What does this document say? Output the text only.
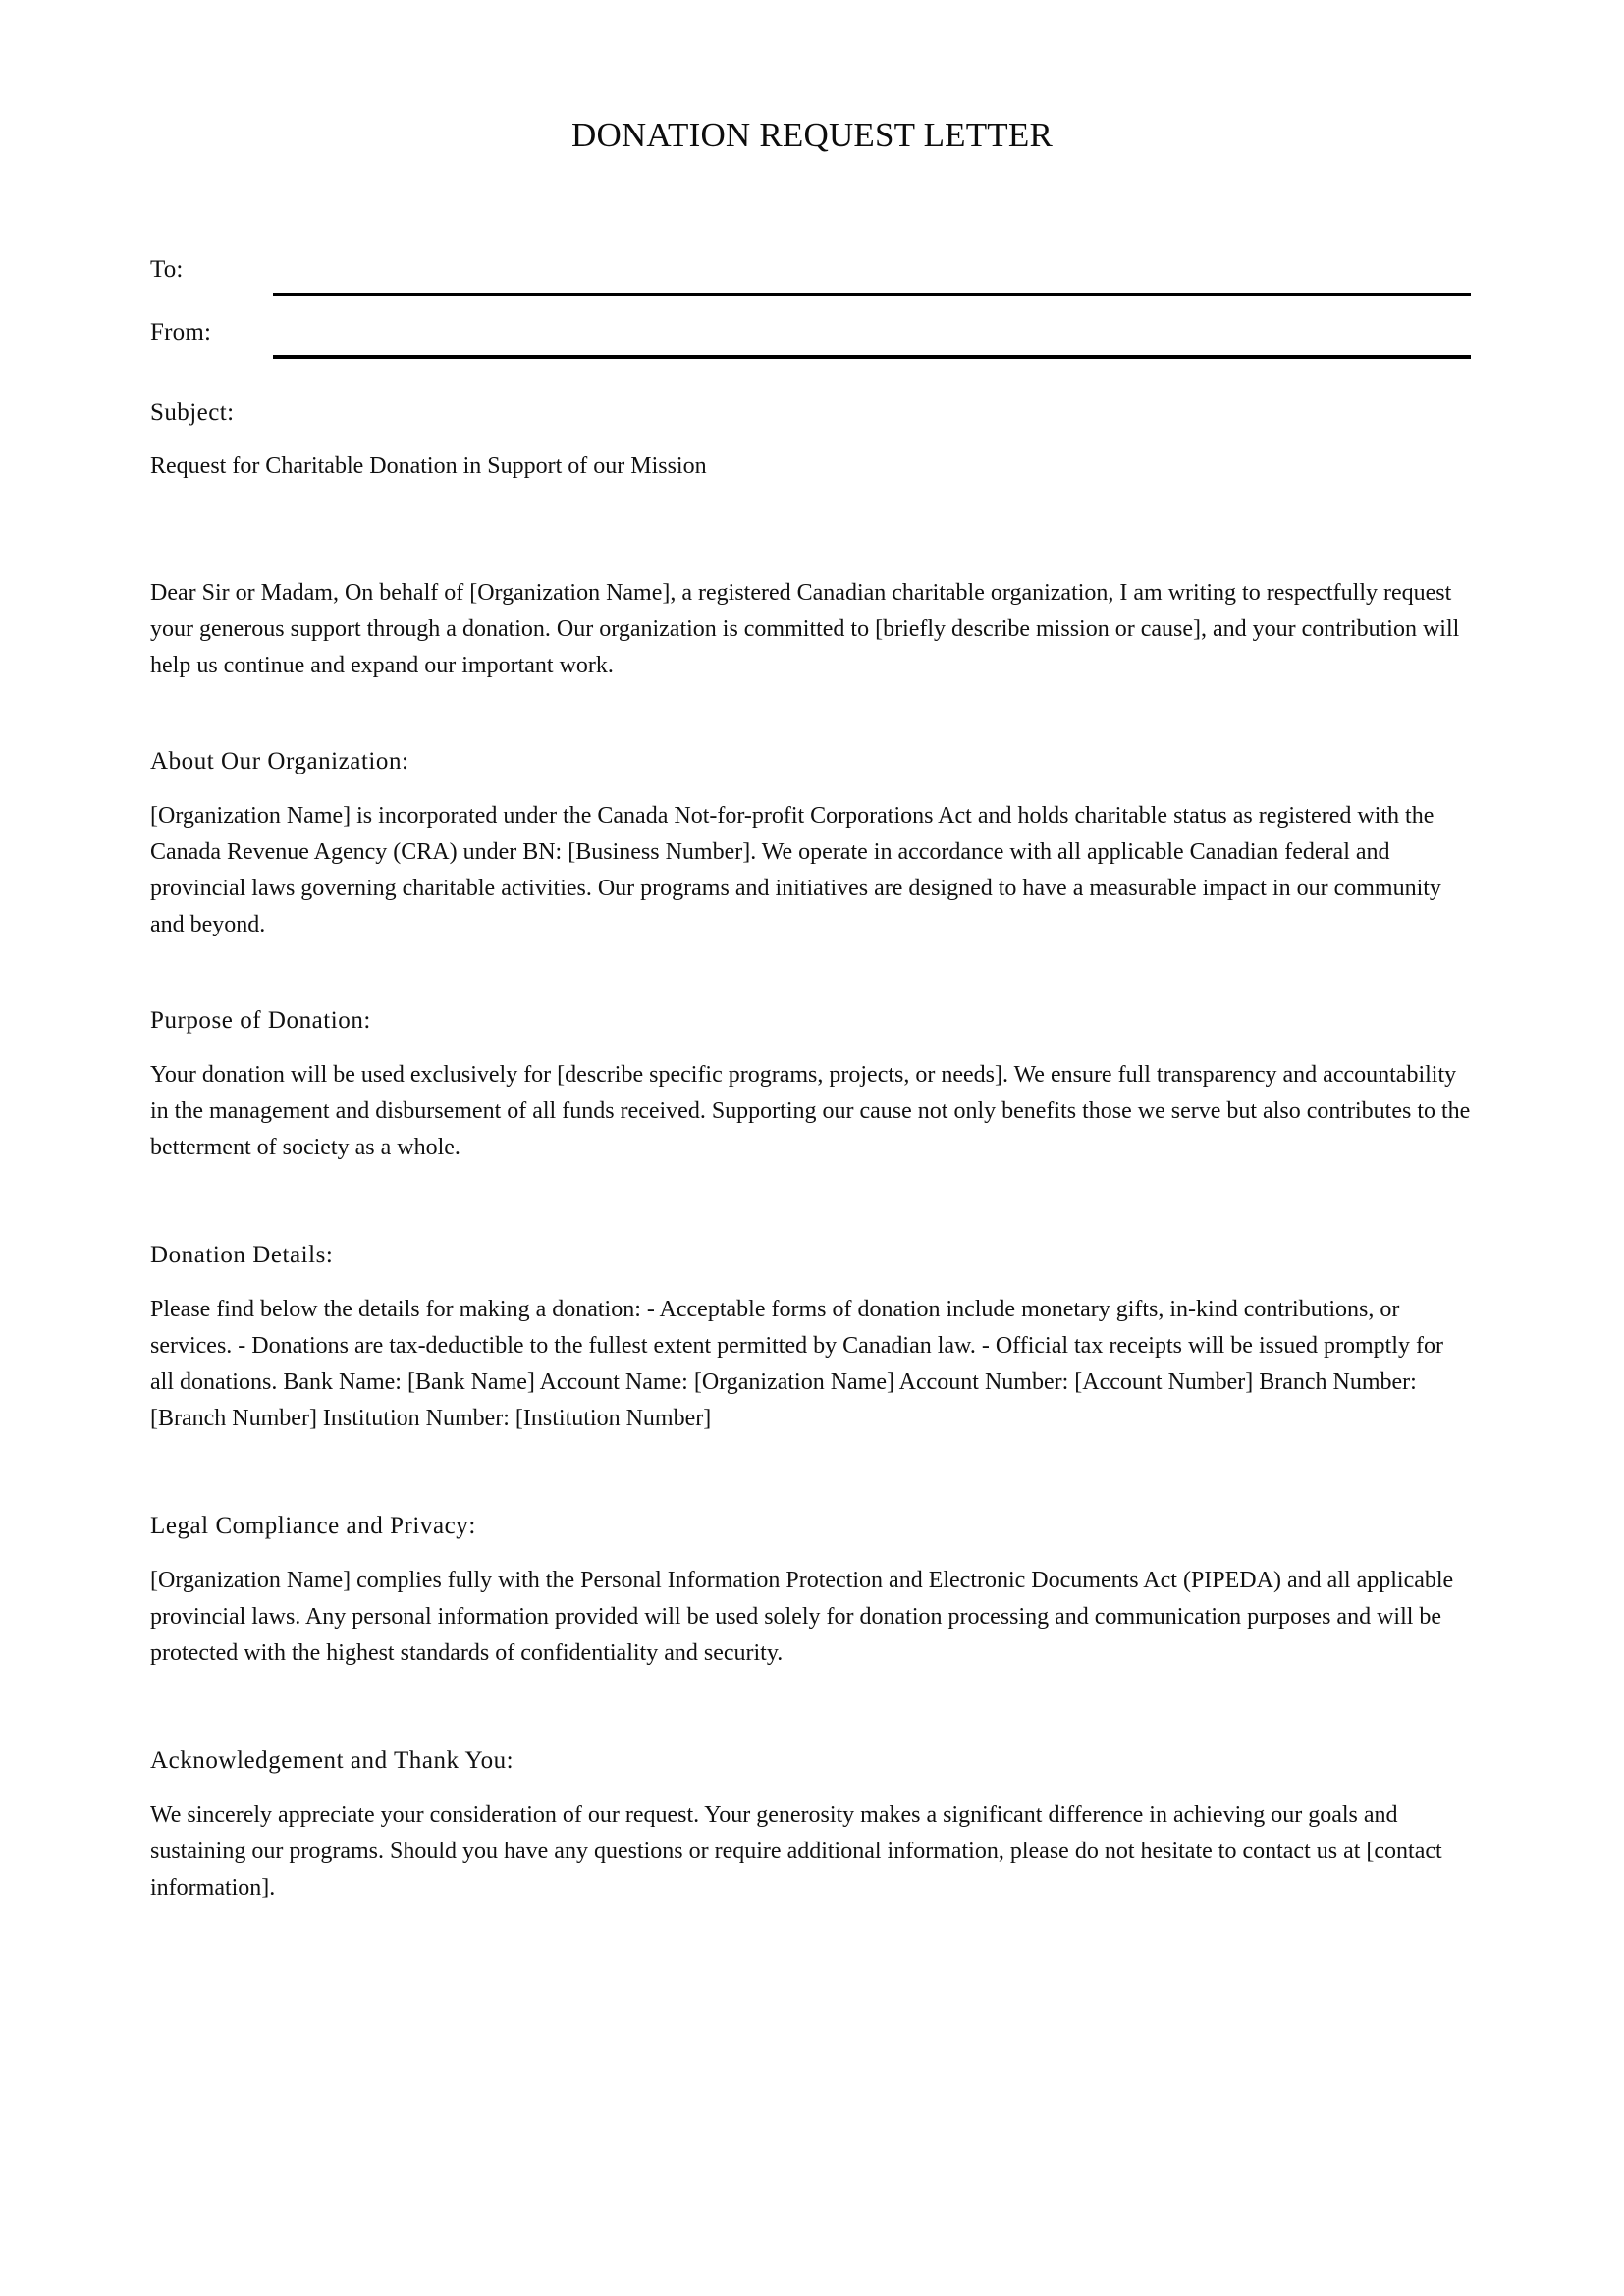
DONATION REQUEST LETTER
To:
From:

Subject:

Request for Charitable Donation in Support of our Mission

Dear Sir or Madam, On behalf of [Organization Name], a registered Canadian charitable organization, I am writing to respectfully request your generous support through a donation. Our organization is committed to [briefly describe mission or cause], and your contribution will help us continue and expand our important work.

About Our Organization:

[Organization Name] is incorporated under the Canada Not-for-profit Corporations Act and holds charitable status as registered with the Canada Revenue Agency (CRA) under BN: [Business Number]. We operate in accordance with all applicable Canadian federal and provincial laws governing charitable activities. Our programs and initiatives are designed to have a measurable impact in our community and beyond.

Purpose of Donation:

Your donation will be used exclusively for [describe specific programs, projects, or needs]. We ensure full transparency and accountability in the management and disbursement of all funds received. Supporting our cause not only benefits those we serve but also contributes to the betterment of society as a whole.

Donation Details:

Please find below the details for making a donation: - Acceptable forms of donation include monetary gifts, in-kind contributions, or services. - Donations are tax-deductible to the fullest extent permitted by Canadian law. - Official tax receipts will be issued promptly for all donations. Bank Name: [Bank Name] Account Name: [Organization Name] Account Number: [Account Number] Branch Number: [Branch Number] Institution Number: [Institution Number]

Legal Compliance and Privacy:

[Organization Name] complies fully with the Personal Information Protection and Electronic Documents Act (PIPEDA) and all applicable provincial laws. Any personal information provided will be used solely for donation processing and communication purposes and will be protected with the highest standards of confidentiality and security.

Acknowledgement and Thank You:

We sincerely appreciate your consideration of our request. Your generosity makes a significant difference in achieving our goals and sustaining our programs. Should you have any questions or require additional information, please do not hesitate to contact us at [contact information].
